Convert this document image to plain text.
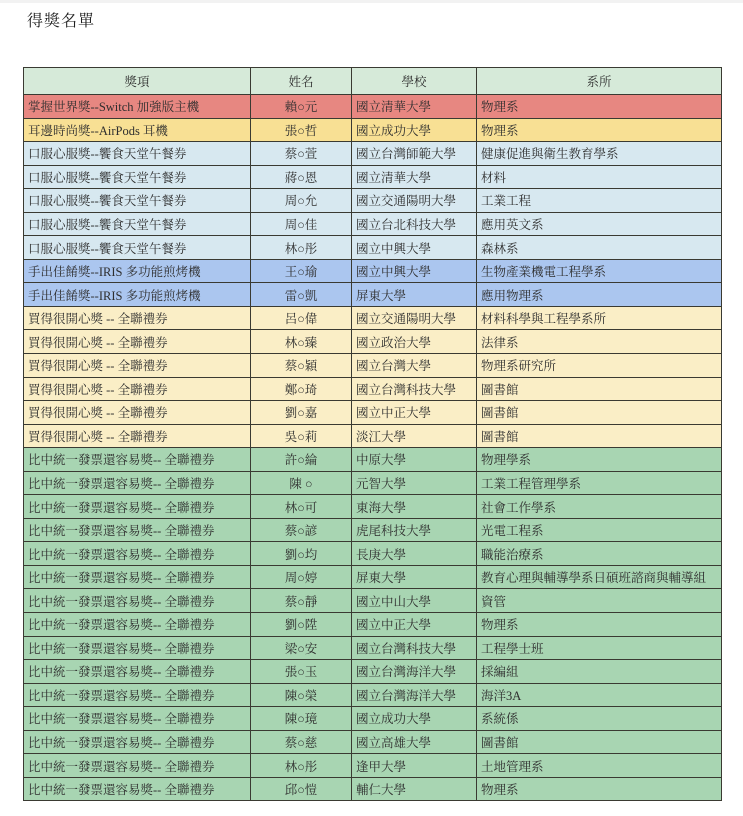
得獎名單
獎項	姓名	學校	系所
掌握世界獎--Switch 加強版主機	賴○元	國立清華大學	物理系
耳邊時尚獎--AirPods 耳機	張○哲	國立成功大學	物理系
口服心服獎--饗食天堂午餐券	蔡○萱	國立台灣師範大學	健康促進與衛生教育學系
口服心服獎--饗食天堂午餐券	蔣○恩	國立清華大學	材料
口服心服獎--饗食天堂午餐券	周○允	國立交通陽明大學	工業工程
口服心服獎--饗食天堂午餐券	周○佳	國立台北科技大學	應用英文系
口服心服獎--饗食天堂午餐券	林○彤	國立中興大學	森林系
手出佳餚獎--IRIS 多功能煎烤機	王○瑜	國立中興大學	生物產業機電工程學系
手出佳餚獎--IRIS 多功能煎烤機	雷○凱	屏東大學	應用物理系
買得很開心獎 -- 全聯禮券	呂○偉	國立交通陽明大學	材料科學與工程學系所
買得很開心獎 -- 全聯禮券	林○臻	國立政治大學	法律系
買得很開心獎 -- 全聯禮券	蔡○穎	國立台灣大學	物理系研究所
買得很開心獎 -- 全聯禮券	鄭○琦	國立台灣科技大學	圖書館
買得很開心獎 -- 全聯禮券	劉○嘉	國立中正大學	圖書館
買得很開心獎 -- 全聯禮券	吳○莉	淡江大學	圖書館
比中統一發票還容易獎-- 全聯禮券	許○綸	中原大學	物理學系
比中統一發票還容易獎-- 全聯禮券	陳 ○	元智大學	工業工程管理學系
比中統一發票還容易獎-- 全聯禮券	林○可	東海大學	社會工作學系
比中統一發票還容易獎-- 全聯禮券	蔡○諺	虎尾科技大學	光電工程系
比中統一發票還容易獎-- 全聯禮券	劉○均	長庚大學	職能治療系
比中統一發票還容易獎-- 全聯禮券	周○婷	屏東大學	教育心理與輔導學系日碩班諮商與輔導組
比中統一發票還容易獎-- 全聯禮券	蔡○靜	國立中山大學	資管
比中統一發票還容易獎-- 全聯禮券	劉○陞	國立中正大學	物理系
比中統一發票還容易獎-- 全聯禮券	梁○安	國立台灣科技大學	工程學士班
比中統一發票還容易獎-- 全聯禮券	張○玉	國立台灣海洋大學	採編組
比中統一發票還容易獎-- 全聯禮券	陳○榮	國立台灣海洋大學	海洋3A
比中統一發票還容易獎-- 全聯禮券	陳○璄	國立成功大學	系統係
比中統一發票還容易獎-- 全聯禮券	蔡○慈	國立高雄大學	圖書館
比中統一發票還容易獎-- 全聯禮券	林○彤	逢甲大學	土地管理系
比中統一發票還容易獎-- 全聯禮券	邱○愷	輔仁大學	物理系
